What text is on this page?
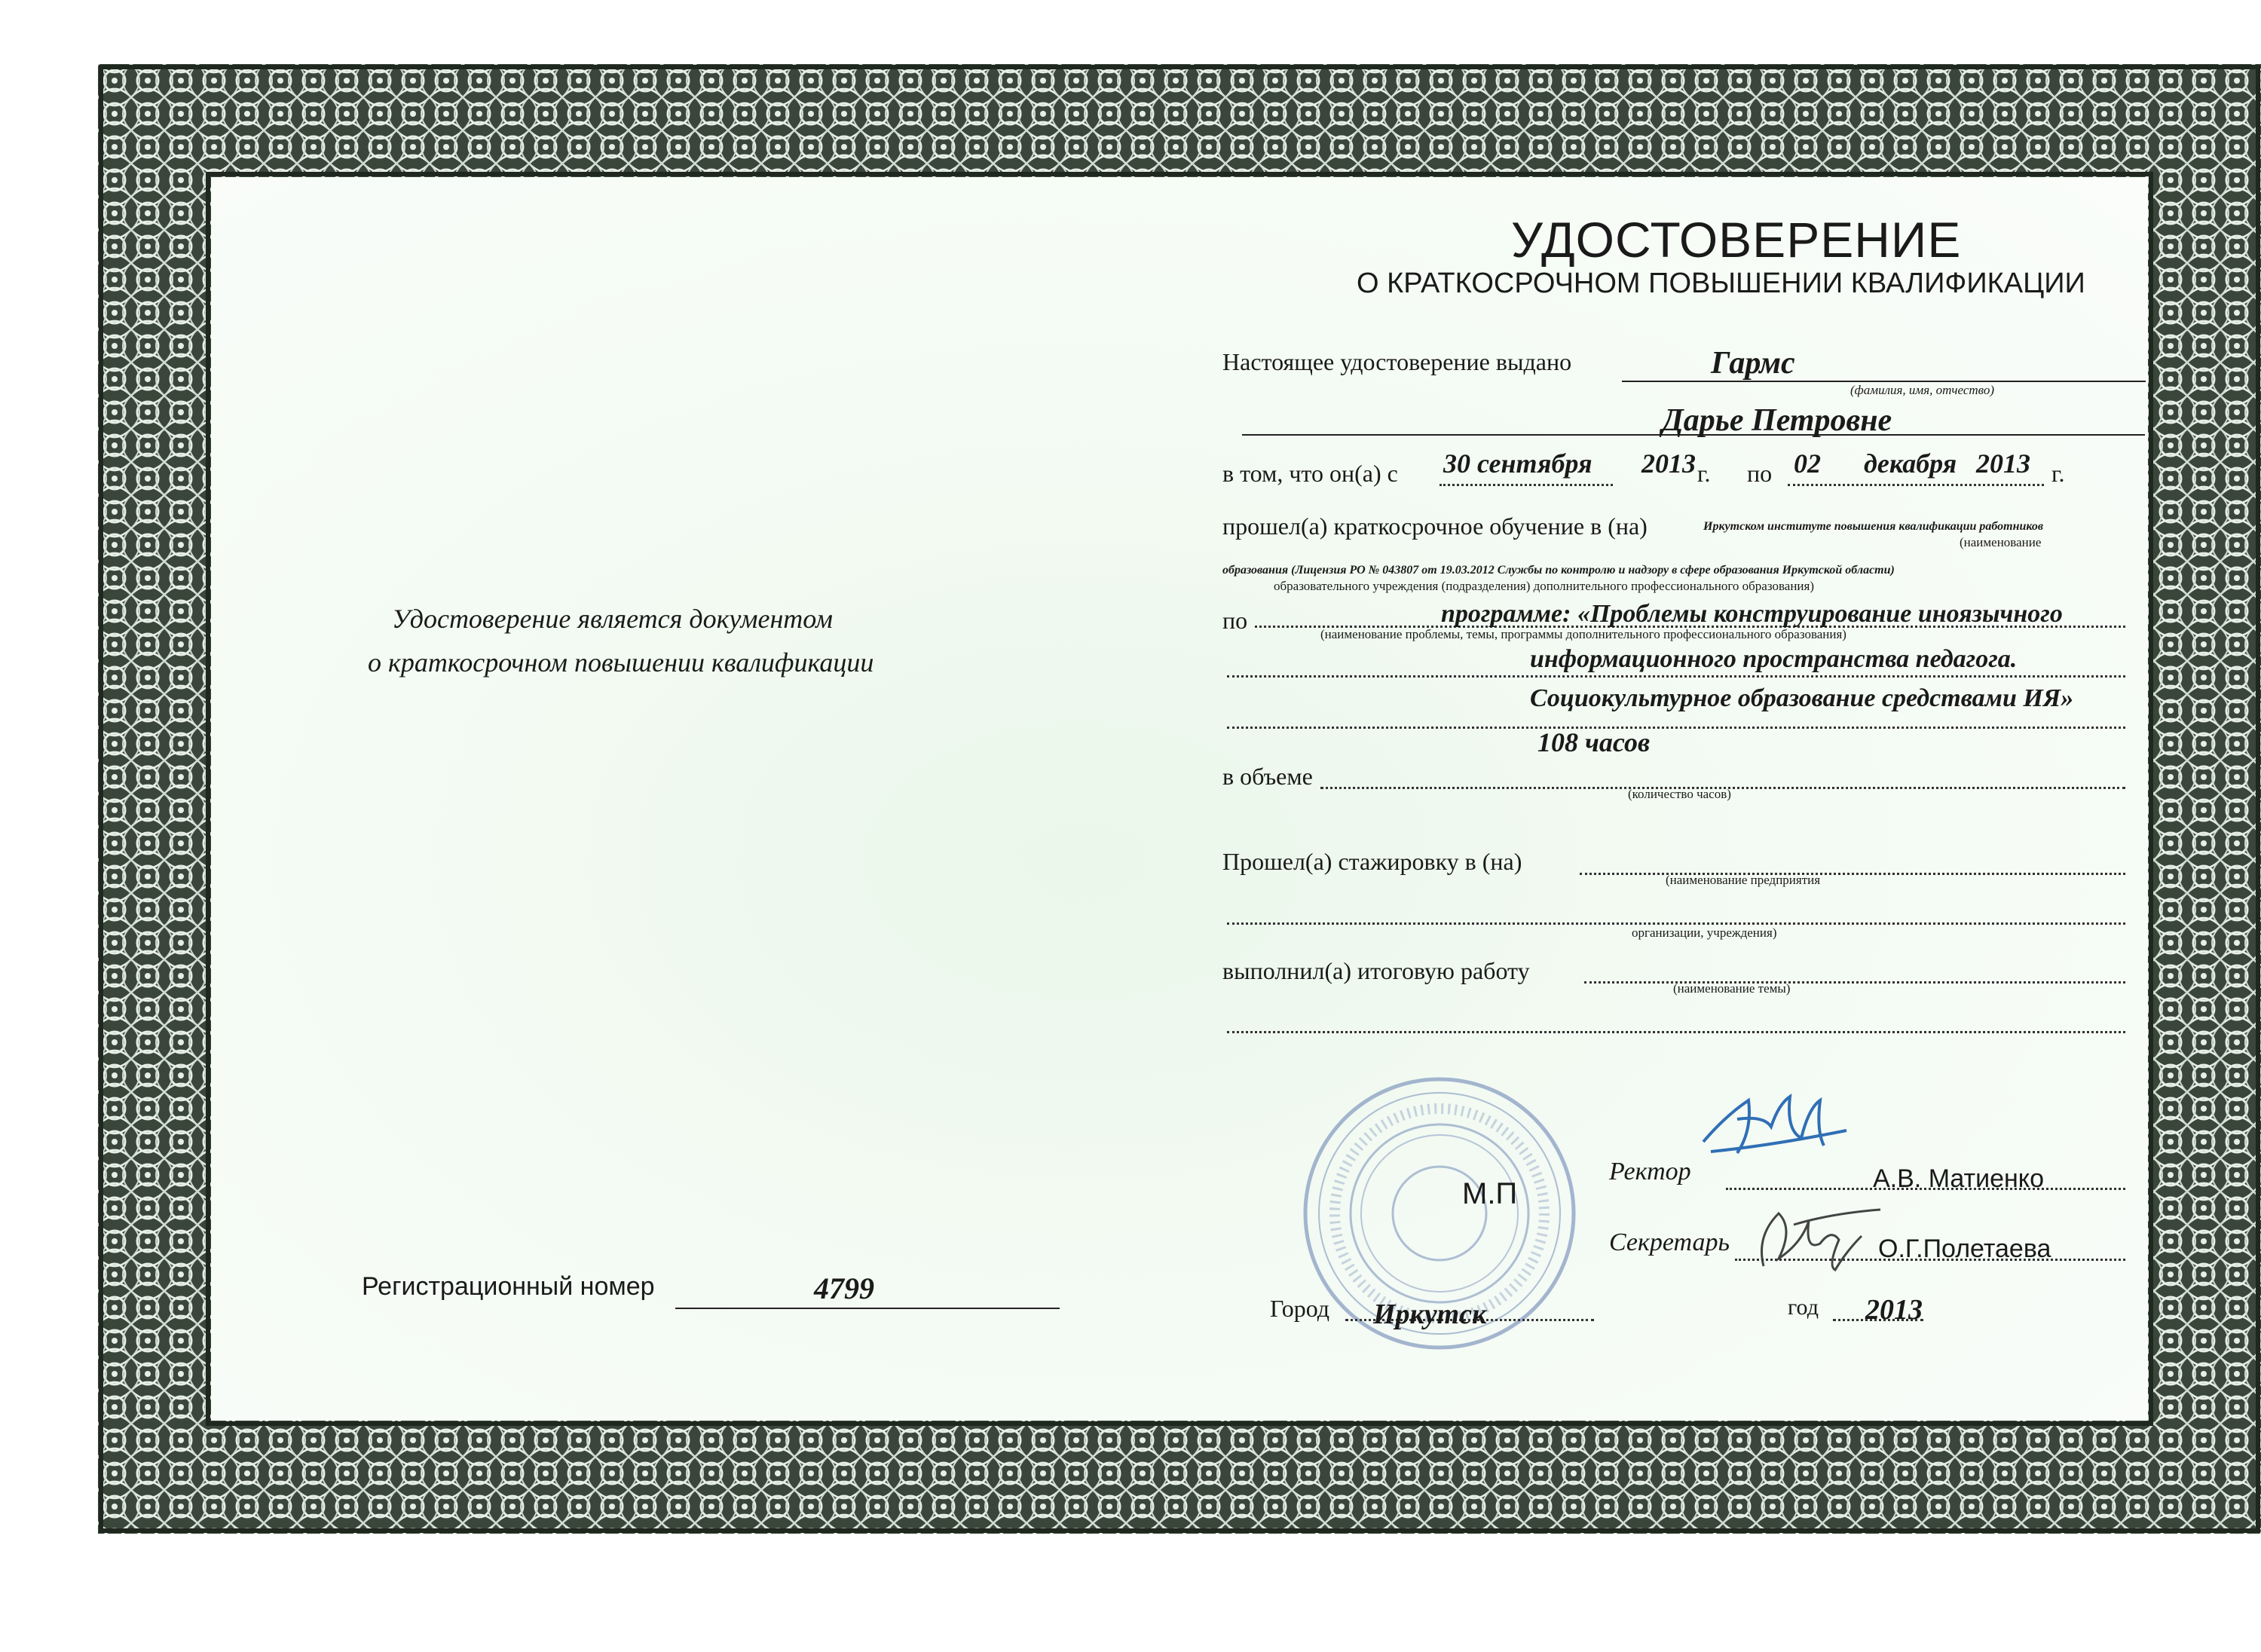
Удостоверение является документом
о краткосрочном повышении квалификации
Регистрационный номер	4799
УДОСТОВЕРЕНИЕ
О КРАТКОСРОЧНОМ ПОВЫШЕНИИ КВАЛИФИКАЦИИ
Настоящее удостоверение выдано	Гармс
(фамилия, имя, отчество)
Дарье Петровне
в том, что он(а) с 30 сентября 2013 г. по 02 декабря 2013 г.
прошел(а) краткосрочное обучение в (на)	Иркутском институте повышения квалификации работников
(наименование
образования (Лицензия РО № 043807 от 19.03.2012 Службы по контролю и надзору в сфере образования Иркутской области)
образовательного учреждения (подразделения) дополнительного профессионального образования)
по	программе: «Проблемы конструирование иноязычного
(наименование проблемы, темы, программы дополнительного профессионального образования)
информационного пространства педагога.
Социокультурное образование средствами ИЯ»
108 часов
в объеме
(количество часов)
Прошел(а) стажировку в (на)
(наименование предприятия
организации, учреждения)
выполнил(а) итоговую работу
(наименование темы)
М.П
Ректор	А.В. Матиенко
Секретарь	О.Г.Полетаева
Город Иркутск	год 2013
